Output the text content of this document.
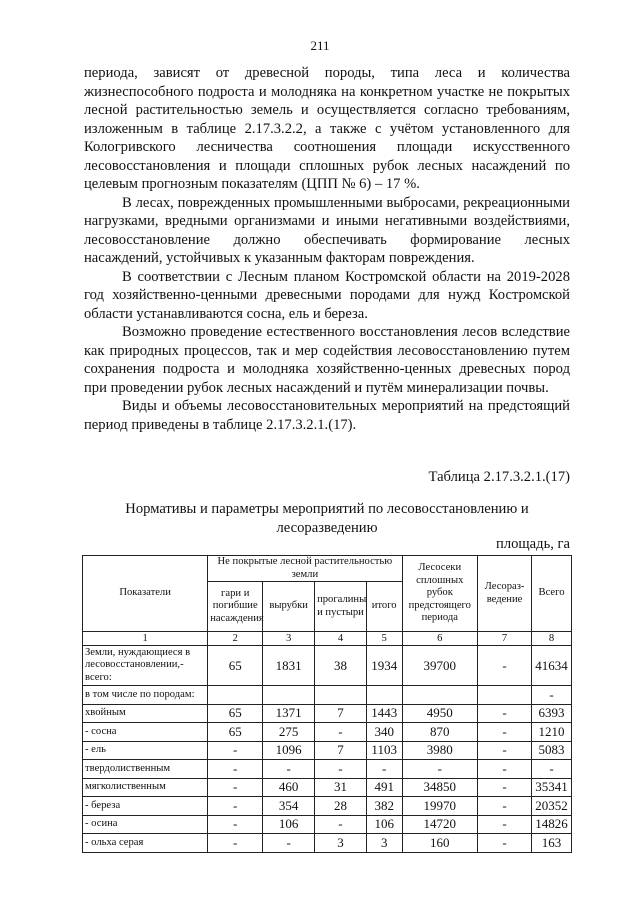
211

периода, зависят от древесной породы, типа леса и количества жизнеспособного подроста и молодняка на конкретном участке не покрытых лесной растительностью земель и осуществляется согласно требованиям, изложенным в таблице 2.17.3.2.2, а также с учётом установленного для Кологривского лесничества соотношения площади искусственного лесовосстановления и площади сплошных рубок лесных насаждений по целевым прогнозным показателям (ЦПП № 6) – 17 %.

В лесах, поврежденных промышленными выбросами, рекреационными нагрузками, вредными организмами и иными негативными воздействиями, лесовосстановление должно обеспечивать формирование лесных насаждений, устойчивых к указанным факторам повреждения.

В соответствии с Лесным планом Костромской области на 2019-2028 год хозяйственно-ценными древесными породами для нужд Костромской области устанавливаются сосна, ель и береза.

Возможно проведение естественного восстановления лесов вследствие как природных процессов, так и мер содействия лесовосстановлению путем сохранения подроста и молодняка хозяйственно-ценных древесных пород при проведении рубок лесных насаждений и путём минерализации почвы.

Виды и объемы лесовосстановительных мероприятий на предстоящий период приведены в таблице 2.17.3.2.1.(17).

Таблица 2.17.3.2.1.(17)
Нормативы и параметры мероприятий по лесовосстановлению и лесоразведению
площадь, га
Показатели	Не покрытые лесной растительностью земли				Лесосеки сплошных рубок предстоящего периода	Лесораз-ведение	Всего
	гари и погибшие насаждения	вырубки	прогалины и пустыри	итого			
1	2	3	4	5	6	7	8
Земли, нуждающиеся в лесовосстановлении,-всего:	65	1831	38	1934	39700	-	41634
в том числе по породам:							-
хвойным	65	1371	7	1443	4950	-	6393
- сосна	65	275	-	340	870	-	1210
- ель	-	1096	7	1103	3980	-	5083
твердолиственным	-	-	-	-	-	-	-
мягколиственным	-	460	31	491	34850	-	35341
- береза	-	354	28	382	19970	-	20352
- осина	-	106	-	106	14720	-	14826
- ольха серая	-	-	3	3	160	-	163
